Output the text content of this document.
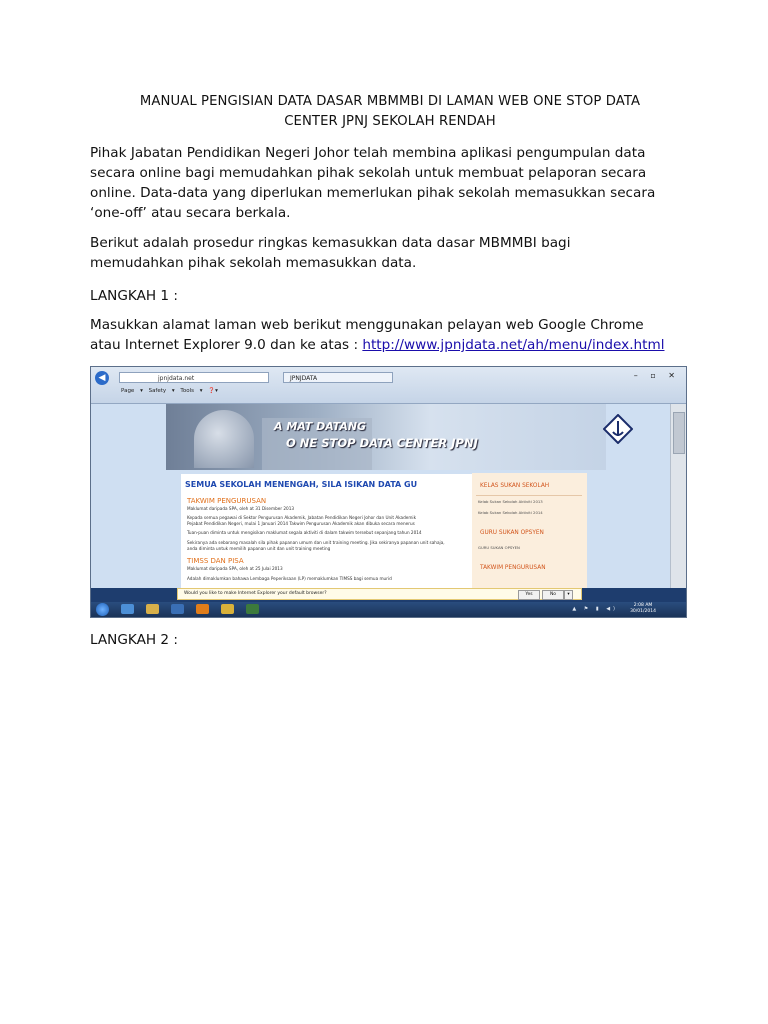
MANUAL PENGISIAN DATA DASAR MBMMBI DI LAMAN WEB ONE STOP DATA
CENTER JPNJ SEKOLAH RENDAH
Pihak Jabatan Pendidikan Negeri Johor telah membina aplikasi pengumpulan data
secara online bagi memudahkan pihak sekolah untuk membuat pelaporan secara
online. Data-data yang diperlukan memerlukan pihak sekolah memasukkan secara
‘one-off’ atau secara berkala.
Berikut adalah prosedur ringkas kemasukkan data dasar MBMMBI bagi
memudahkan pihak sekolah memasukkan data.
LANGKAH 1 :
Masukkan alamat laman web berikut menggunakan pelayan web Google Chrome
atau Internet Explorer 9.0 dan ke atas : http://www.jpnjdata.net/ah/menu/index.html
LANGKAH 2 :
◀	jpnjdata.net	JPNJDATA	– ▫ ✕
Page ▾ Safety ▾ Tools ▾ ❓▾
A MAT DATANG
O NE STOP DATA CENTER JPNJ
SEMUA SEKOLAH MENENGAH, SILA ISIKAN DATA GU
TAKWIM PENGURUSAN
Maklumat daripada SPA, oleh at 31 Disember 2013
Kepada semua pegawai di Sektor Pengurusan Akademik, Jabatan Pendidikan Negeri Johor dan Unit Akademik
Pejabat Pendidikan Negeri, mulai 1 Januari 2014 Takwim Pengurusan Akademik akan dibuka secara menerus
Tuan-puan diminta untuk mengisikan maklumat segala aktiviti di dalam takwim tersebut sepanjang tahun 2014
Sekiranya ada sebarang masalah sila pihak papanan umum dan unit training meeting. Jika sekiranya papanan unit sahaja,
anda diminta untuk memilih papanan unit dan unit training meeting
TIMSS DAN PISA
Maklumat daripada SPA, oleh at 25 Julai 2013
Adalah dimaklumkan bahawa Lembaga Peperiksaan (LP) memaklumkan TIMSS bagi semua murid
KELAS SUKAN SEKOLAH
Kelab Sukan Sekolah Aktiviti 2013
Kelab Sukan Sekolah Aktiviti 2014
GURU SUKAN OPSYEN
GURU SUKAN OPSYEN
TAKWIM PENGURUSAN
Would you like to make Internet Explorer your default browser?	Yes	No	▾
▲ ⚑ ▮ ◀)
2:08 AM
30/01/2014
